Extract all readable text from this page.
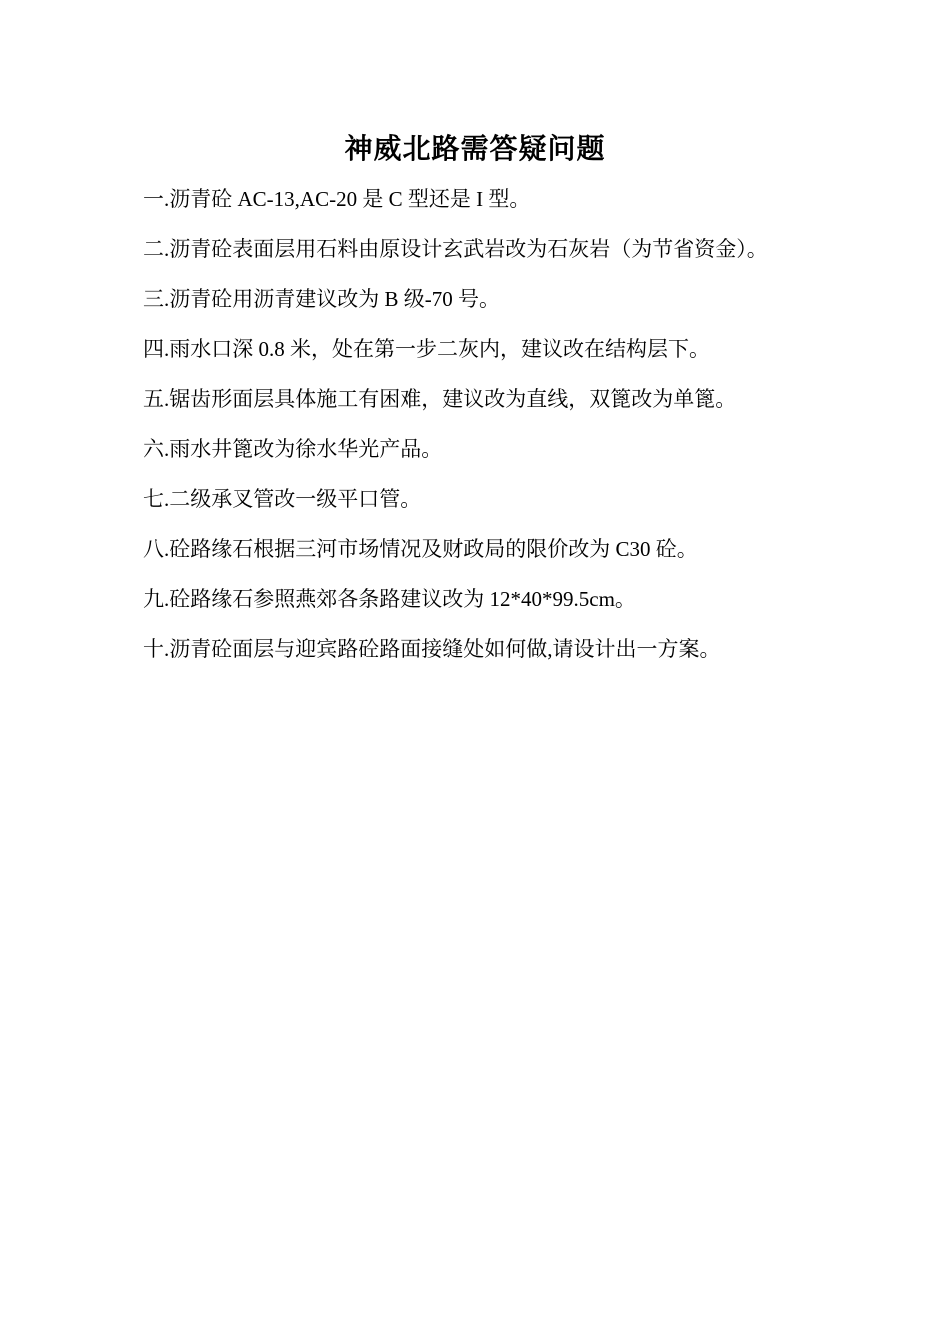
神威北路需答疑问题
一. 沥青砼 AC-13,AC-20 是 C 型还是 I 型。
二. 沥青砼表面层用石料由原设计玄武岩改为石灰岩（为节省资金）。
三. 沥青砼用沥青建议改为 B 级-70 号。
四. 雨水口深 0.8 米，处在第一步二灰内，建议改在结构层下。
五. 锯齿形面层具体施工有困难，建议改为直线，双篦改为单篦。
六. 雨水井篦改为徐水华光产品。
七. 二级承叉管改一级平口管。
八. 砼路缘石根据三河市场情况及财政局的限价改为 C30 砼。
九. 砼路缘石参照燕郊各条路建议改为 12*40*99.5cm。
十. 沥青砼面层与迎宾路砼路面接缝处如何做,请设计出一方案。
